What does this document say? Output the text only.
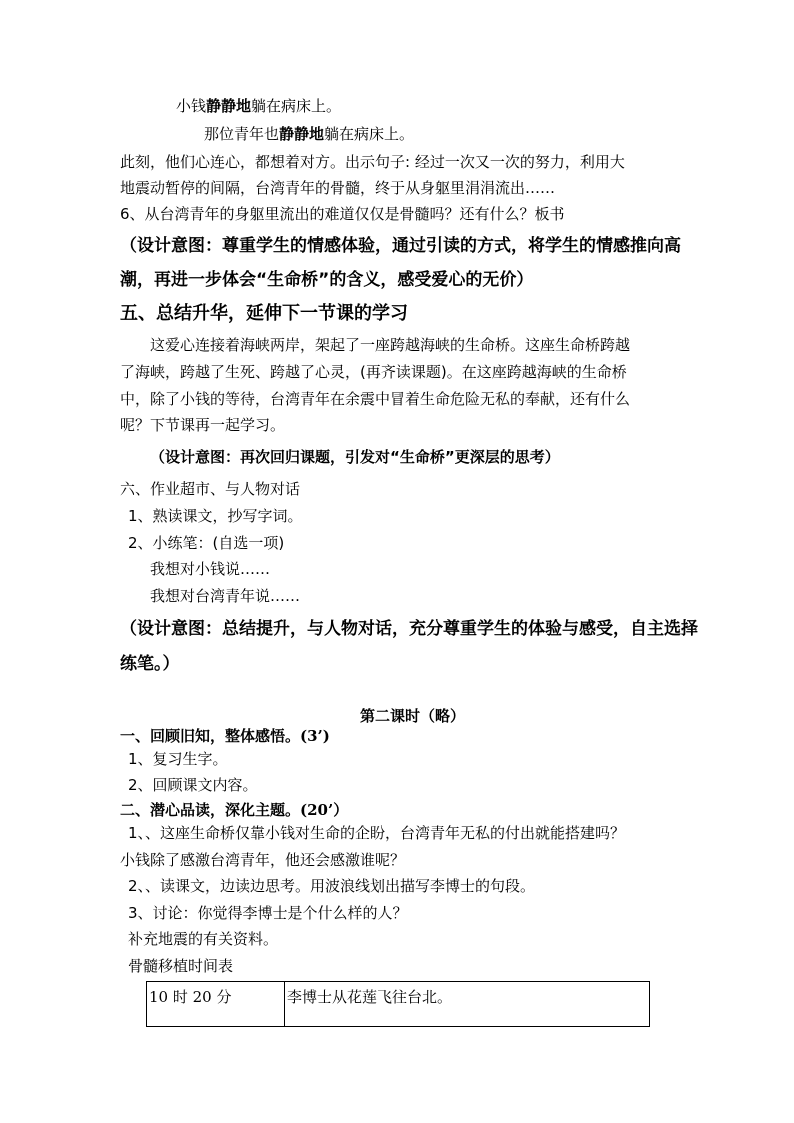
小钱静静地躺在病床上。
那位青年也静静地躺在病床上。
此刻，他们心连心，都想着对方。出示句子: 经过一次又一次的努力，利用大
地震动暂停的间隔，台湾青年的骨髓，终于从身躯里涓涓流出……
6、从台湾青年的身躯里流出的难道仅仅是骨髓吗？还有什么？板书
（设计意图：尊重学生的情感体验，通过引读的方式，将学生的情感推向高
潮，再进一步体会“生命桥”的含义，感受爱心的无价）
五、总结升华，延伸下一节课的学习
这爱心连接着海峡两岸，架起了一座跨越海峡的生命桥。这座生命桥跨越
了海峡，跨越了生死、跨越了心灵，(再齐读课题)。在这座跨越海峡的生命桥
中，除了小钱的等待，台湾青年在余震中冒着生命危险无私的奉献，还有什么
呢？下节课再一起学习。
（设计意图：再次回归课题，引发对“生命桥”更深层的思考）
六、作业超市、与人物对话
1、熟读课文，抄写字词。
2、小练笔：(自选一项)
我想对小钱说……
我想对台湾青年说……
（设计意图：总结提升，与人物对话，充分尊重学生的体验与感受，自主选择
练笔。）
第二课时（略）
一、回顾旧知，整体感悟。(3’)
1、复习生字。
2、回顾课文内容。
二、潜心品读，深化主题。(20’）
1、、这座生命桥仅靠小钱对生命的企盼，台湾青年无私的付出就能搭建吗？
小钱除了感激台湾青年，他还会感激谁呢？
2、、读课文，边读边思考。用波浪线划出描写李博士的句段。
3、讨论：你觉得李博士是个什么样的人？
补充地震的有关资料。
骨髓移植时间表
10 时 20 分	李博士从花莲飞往台北。
